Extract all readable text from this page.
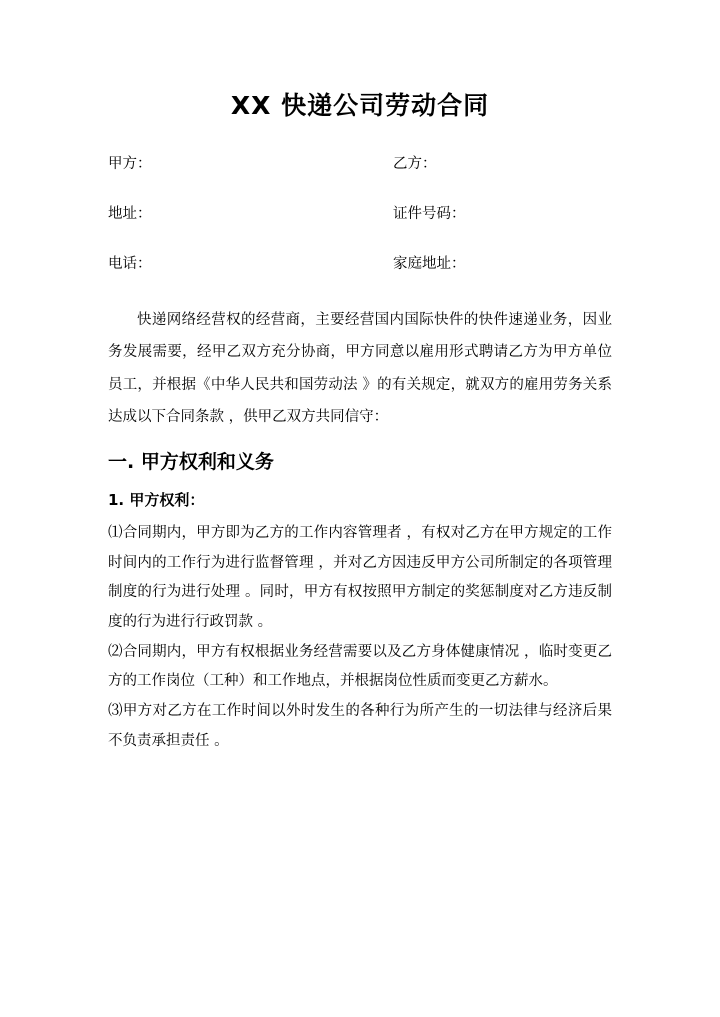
XX 快递公司劳动合同
甲方：	乙方：
地址：	证件号码：
电话：	家庭地址：

快递网络经营权的经营商，主要经营国内国际快件的快件速递业务，因业务发展需要，经甲乙双方充分协商，甲方同意以雇用形式聘请乙方为甲方单位员工，并根据《中华人民共和国劳动法 》的有关规定，就双方的雇用劳务关系达成以下合同条款 ，供甲乙双方共同信守：

一. 甲方权利和义务
1. 甲方权利：

⑴合同期内，甲方即为乙方的工作内容管理者 ，有权对乙方在甲方规定的工作时间内的工作行为进行监督管理 ，并对乙方因违反甲方公司所制定的各项管理制度的行为进行处理 。同时，甲方有权按照甲方制定的奖惩制度对乙方违反制度的行为进行行政罚款 。

⑵合同期内，甲方有权根据业务经营需要以及乙方身体健康情况 ，临时变更乙方的工作岗位（工种）和工作地点，并根据岗位性质而变更乙方薪水。

⑶甲方对乙方在工作时间以外时发生的各种行为所产生的一切法律与经济后果不负责承担责任 。
